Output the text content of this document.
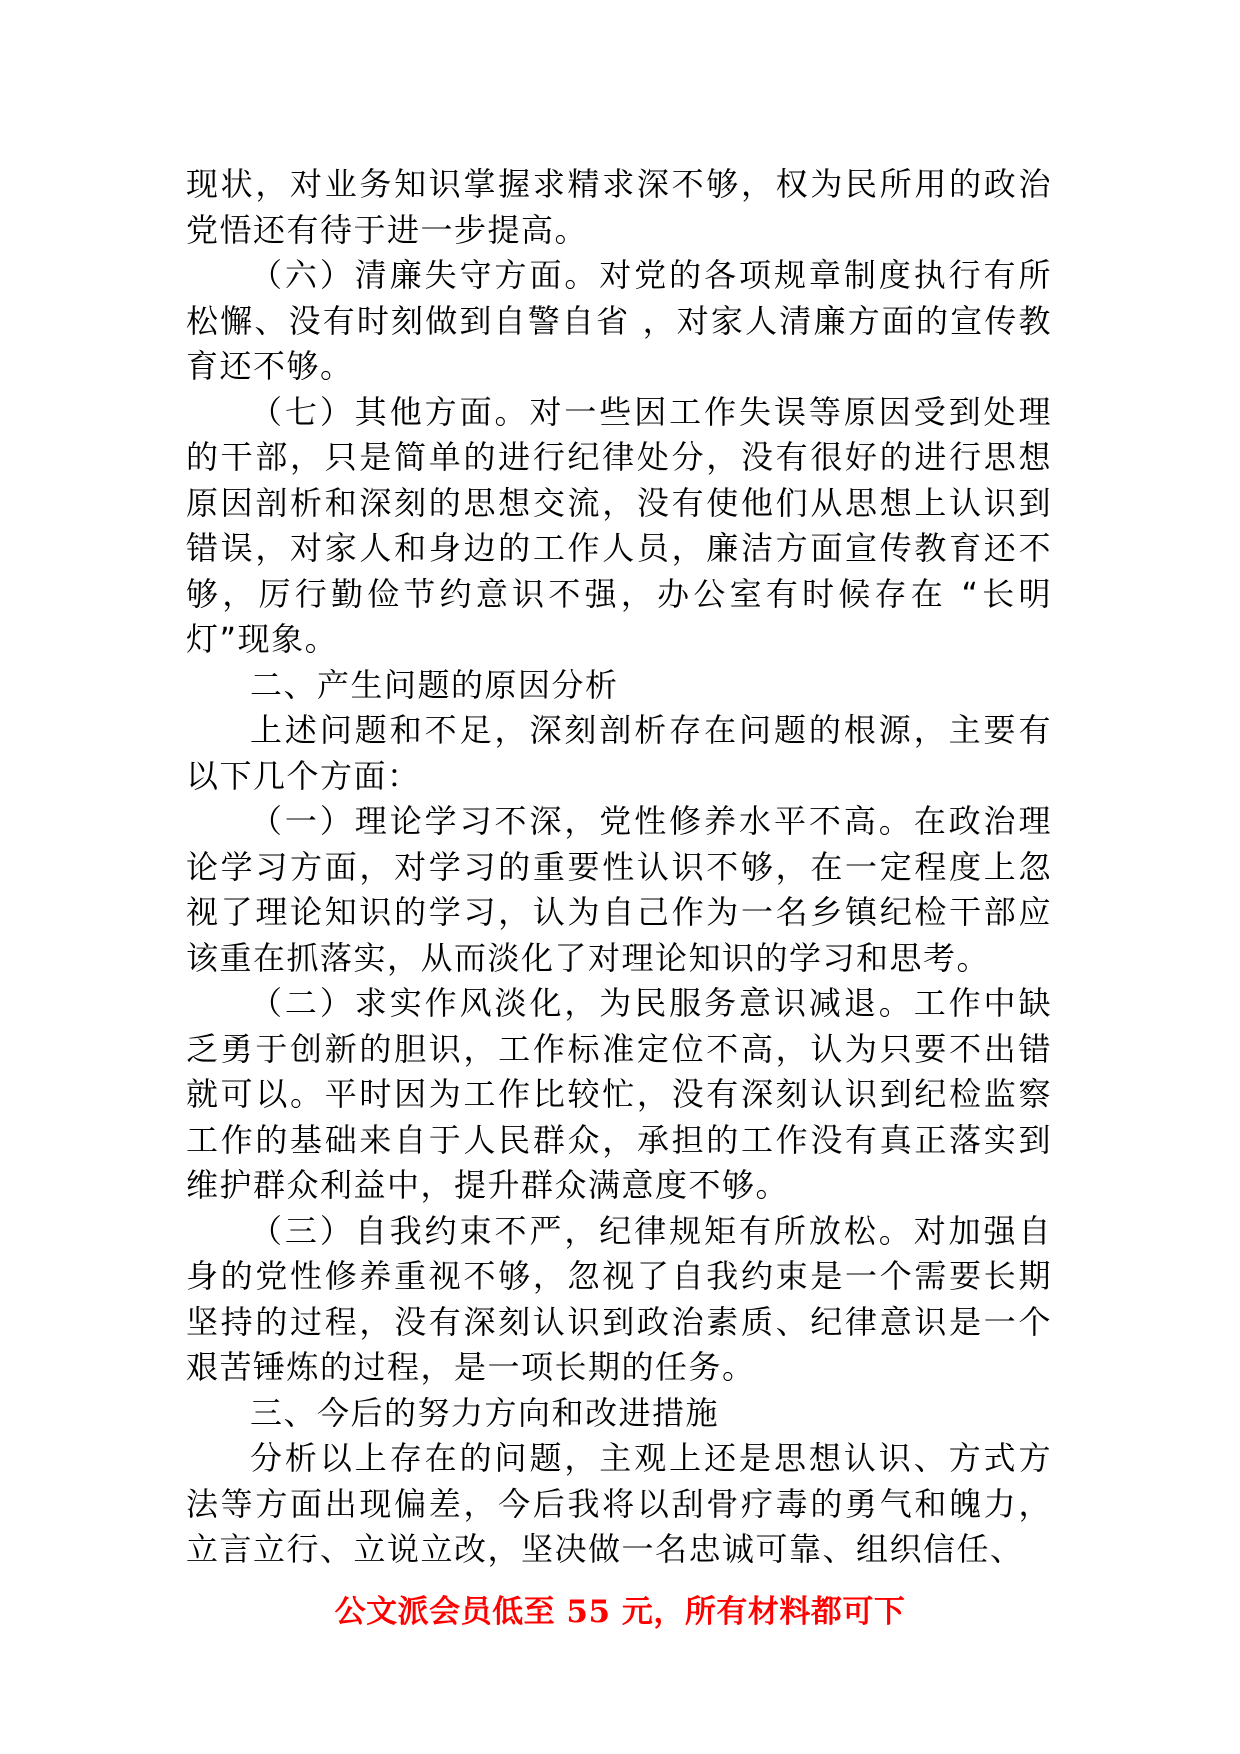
现状，对业务知识掌握求精求深不够，权为民所用的政治党悟还有待于进一步提高。

（六）清廉失守方面。对党的各项规章制度执行有所松懈、没有时刻做到自警自省 ，对家人清廉方面的宣传教育还不够。

（七）其他方面。对一些因工作失误等原因受到处理的干部，只是简单的进行纪律处分，没有很好的进行思想原因剖析和深刻的思想交流，没有使他们从思想上认识到错误，对家人和身边的工作人员，廉洁方面宣传教育还不够，厉行勤俭节约意识不强，办公室有时候存在 “长明灯”现象。

二、产生问题的原因分析

上述问题和不足，深刻剖析存在问题的根源，主要有以下几个方面：

（一）理论学习不深，党性修养水平不高。在政治理论学习方面，对学习的重要性认识不够，在一定程度上忽视了理论知识的学习，认为自己作为一名乡镇纪检干部应该重在抓落实，从而淡化了对理论知识的学习和思考。

（二）求实作风淡化，为民服务意识减退。工作中缺乏勇于创新的胆识，工作标准定位不高，认为只要不出错就可以。平时因为工作比较忙，没有深刻认识到纪检监察工作的基础来自于人民群众，承担的工作没有真正落实到维护群众利益中，提升群众满意度不够。

（三）自我约束不严，纪律规矩有所放松。对加强自身的党性修养重视不够，忽视了自我约束是一个需要长期坚持的过程，没有深刻认识到政治素质、纪律意识是一个艰苦锤炼的过程，是一项长期的任务。

三、今后的努力方向和改进措施

分析以上存在的问题，主观上还是思想认识、方式方法等方面出现偏差，今后我将以刮骨疗毒的勇气和魄力，立言立行、立说立改，坚决做一名忠诚可靠、组织信任、

公文派会员低至 55 元，所有材料都可下
